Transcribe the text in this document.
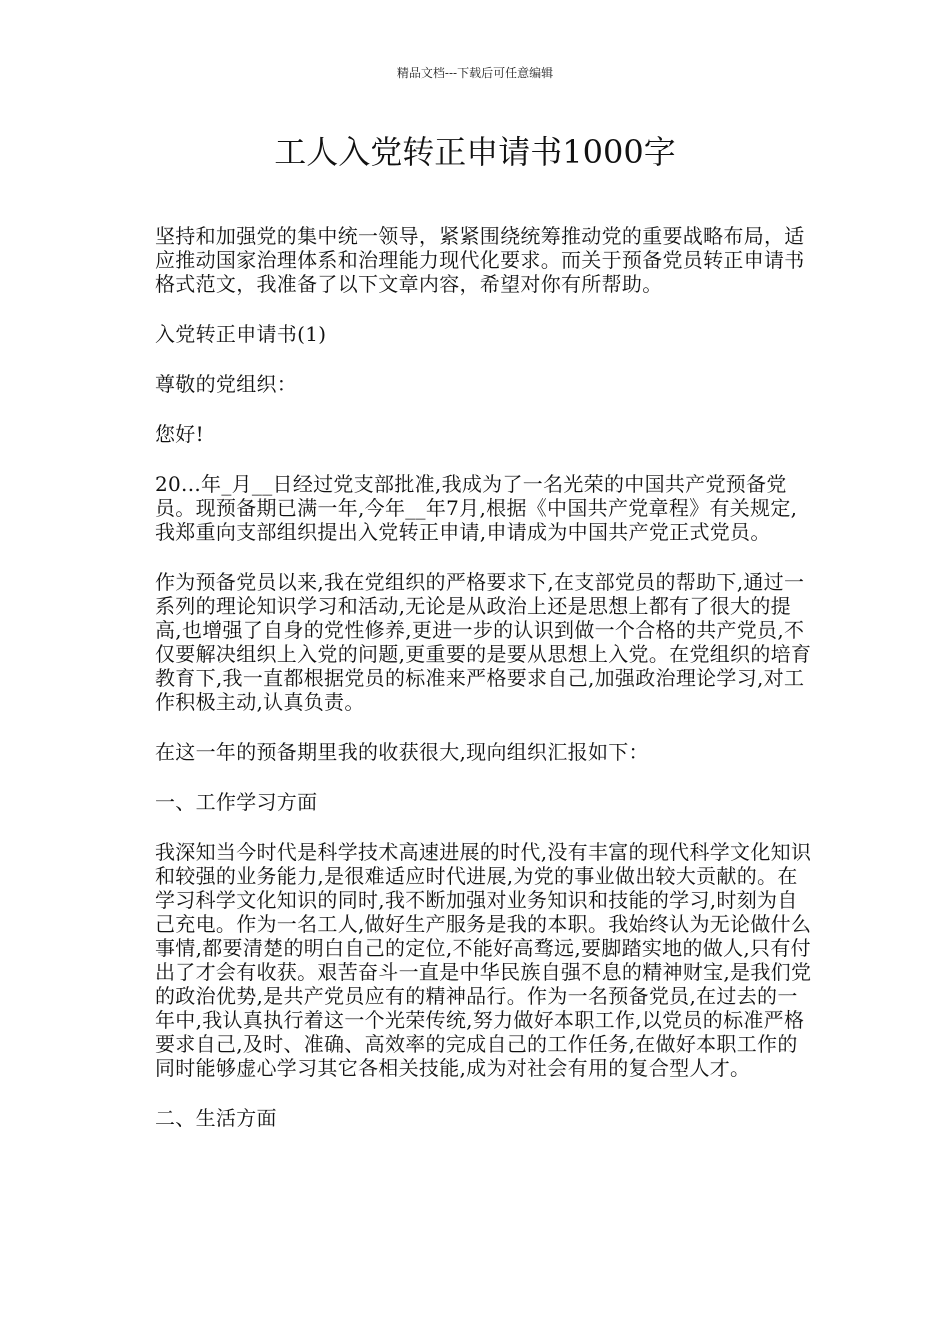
精品文档---下载后可任意编辑
工人入党转正申请书1000字

坚持和加强党的集中统一领导，紧紧围绕统筹推动党的重要战略布局，适应推动国家治理体系和治理能力现代化要求。而关于预备党员转正申请书格式范文，我准备了以下文章内容，希望对你有所帮助。

入党转正申请书(1)

尊敬的党组织：

您好!

20...年_月__日经过党支部批准,我成为了一名光荣的中国共产党预备党员。现预备期已满一年,今年__年7月,根据《中国共产党章程》有关规定,我郑重向支部组织提出入党转正申请,申请成为中国共产党正式党员。

作为预备党员以来,我在党组织的严格要求下,在支部党员的帮助下,通过一系列的理论知识学习和活动,无论是从政治上还是思想上都有了很大的提高,也增强了自身的党性修养,更进一步的认识到做一个合格的共产党员,不仅要解决组织上入党的问题,更重要的是要从思想上入党。在党组织的培育教育下,我一直都根据党员的标准来严格要求自己,加强政治理论学习,对工作积极主动,认真负责。

在这一年的预备期里我的收获很大,现向组织汇报如下：

一、工作学习方面

我深知当今时代是科学技术高速进展的时代,没有丰富的现代科学文化知识和较强的业务能力,是很难适应时代进展,为党的事业做出较大贡献的。在学习科学文化知识的同时,我不断加强对业务知识和技能的学习,时刻为自己充电。作为一名工人,做好生产服务是我的本职。我始终认为无论做什么事情,都要清楚的明白自己的定位,不能好高骛远,要脚踏实地的做人,只有付出了才会有收获。艰苦奋斗一直是中华民族自强不息的精神财宝,是我们党的政治优势,是共产党员应有的精神品行。作为一名预备党员,在过去的一年中,我认真执行着这一个光荣传统,努力做好本职工作,以党员的标准严格要求自己,及时、准确、高效率的完成自己的工作任务,在做好本职工作的同时能够虚心学习其它各相关技能,成为对社会有用的复合型人才。

二、生活方面
